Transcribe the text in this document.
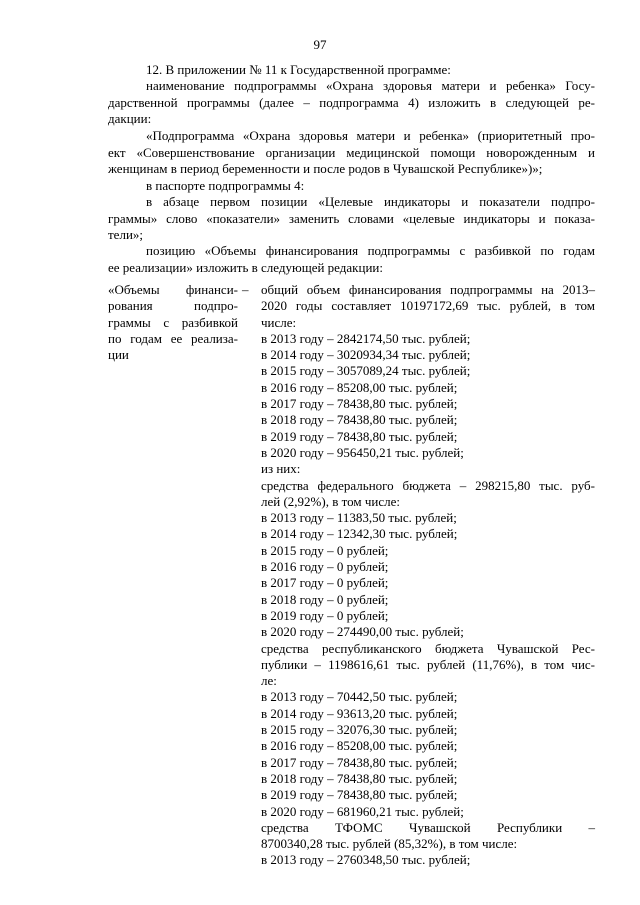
97
12. В приложении № 11 к Государственной программе:
наименование подпрограммы «Охрана здоровья матери и ребенка» Госу-
дарственной программы (далее – подпрограмма 4) изложить в следующей ре-
дакции:
«Подпрограмма «Охрана здоровья матери и ребенка» (приоритетный про-
ект «Совершенствование организации медицинской помощи новорожденным и
женщинам в период беременности и после родов в Чувашской Республике»)»;
в паспорте подпрограммы 4:
в абзаце первом позиции «Целевые индикаторы и показатели подпро-
граммы» слово «показатели» заменить словами «целевые индикаторы и показа-
тели»;
позицию «Объемы финансирования подпрограммы с разбивкой по годам
ее реализации» изложить в следующей редакции:
«Объемы финанси-
рования подпро-
граммы с разбивкой
по годам ее реализа-
ции
– общий объем финансирования подпрограммы на 2013–
2020 годы составляет 10197172,69 тыс. рублей, в том
числе:
в 2013 году – 2842174,50 тыс. рублей;
в 2014 году – 3020934,34 тыс. рублей;
в 2015 году – 3057089,24 тыс. рублей;
в 2016 году – 85208,00 тыс. рублей;
в 2017 году – 78438,80 тыс. рублей;
в 2018 году – 78438,80 тыс. рублей;
в 2019 году – 78438,80 тыс. рублей;
в 2020 году – 956450,21 тыс. рублей;
из них:
средства федерального бюджета – 298215,80 тыс. руб-
лей (2,92%), в том числе:
в 2013 году – 11383,50 тыс. рублей;
в 2014 году – 12342,30 тыс. рублей;
в 2015 году – 0 рублей;
в 2016 году – 0 рублей;
в 2017 году – 0 рублей;
в 2018 году – 0 рублей;
в 2019 году – 0 рублей;
в 2020 году – 274490,00 тыс. рублей;
средства республиканского бюджета Чувашской Рес-
публики – 1198616,61 тыс. рублей (11,76%), в том чис-
ле:
в 2013 году – 70442,50 тыс. рублей;
в 2014 году – 93613,20 тыс. рублей;
в 2015 году – 32076,30 тыс. рублей;
в 2016 году – 85208,00 тыс. рублей;
в 2017 году – 78438,80 тыс. рублей;
в 2018 году – 78438,80 тыс. рублей;
в 2019 году – 78438,80 тыс. рублей;
в 2020 году – 681960,21 тыс. рублей;
средства ТФОМС Чувашской Республики –
8700340,28 тыс. рублей (85,32%), в том числе:
в 2013 году – 2760348,50 тыс. рублей;
